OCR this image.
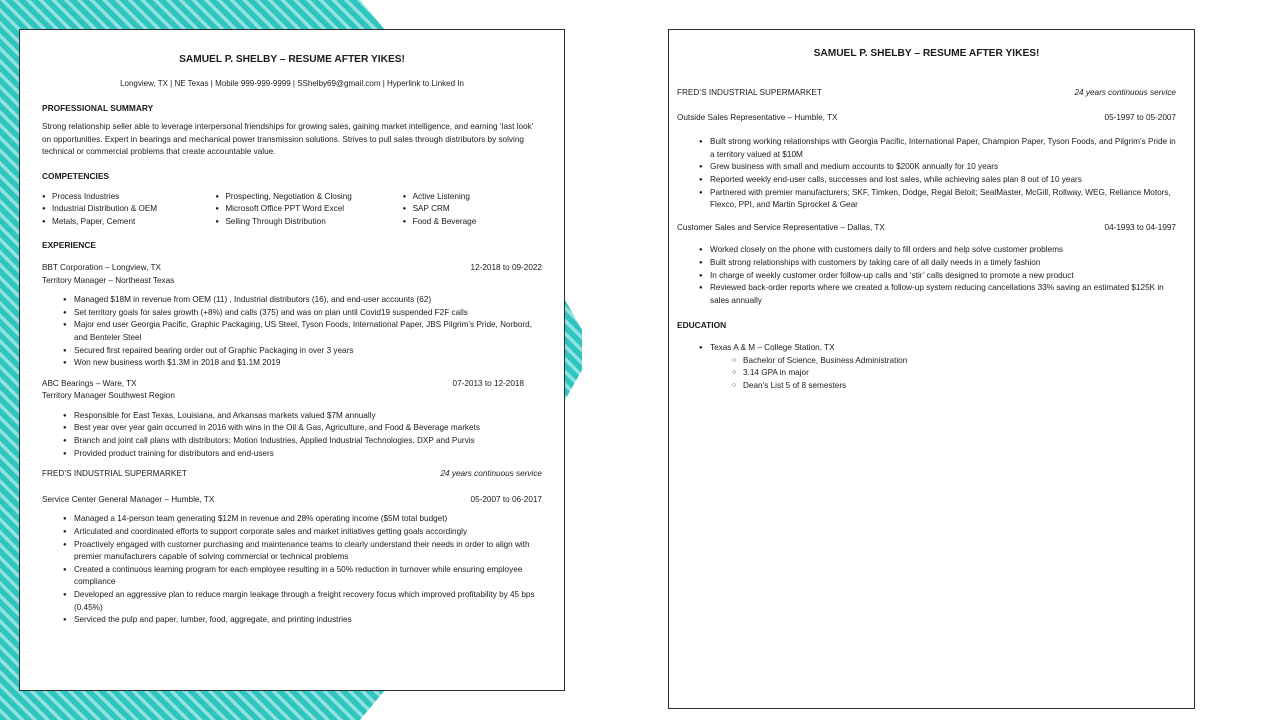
SAMUEL P. SHELBY – RESUME AFTER YIKES!
Longview, TX | NE Texas | Mobile 999-999-9999 | SShelby69@gmail.com | Hyperlink to Linked In
PROFESSIONAL SUMMARY
Strong relationship seller able to leverage interpersonal friendships for growing sales, gaining market intelligence, and earning ‘last look’ on opportunities. Expert in bearings and mechanical power transmission solutions. Strives to pull sales through distributors by solving technical or commercial problems that create accountable value.
COMPETENCIES
● Process Industries
● Industrial Distribution & OEM
● Metals, Paper, Cement
● Prospecting, Negotiation & Closing
● Microsoft Office PPT Word Excel
● Selling Through Distribution
● Active Listening
● SAP CRM
● Food & Beverage
EXPERIENCE
BBT Corporation – Longview, TX	12-2018 to 09-2022
Territory Manager – Northeast Texas
● Managed $18M in revenue from OEM (11) , Industrial distributors (16), and end-user accounts (62)
● Set territory goals for sales growth (+8%) and calls (375) and was on plan until Covid19 suspended F2F calls
● Major end user Georgia Pacific, Graphic Packaging, US Steel, Tyson Foods, International Paper, JBS Pilgrim’s Pride, Norbord, and Benteler Steel
● Secured first repaired bearing order out of Graphic Packaging in over 3 years
● Won new business worth $1.3M in 2018 and $1.1M 2019
ABC Bearings – Ware, TX	07-2013 to 12-2018
Territory Manager Southwest Region
● Responsible for East Texas, Louisiana, and Arkansas markets valued $7M annually
● Best year over year gain occurred in 2016 with wins in the Oil & Gas, Agriculture, and Food & Beverage markets
● Branch and joint call plans with distributors; Motion Industries, Applied Industrial Technologies, DXP and Purvis
● Provided product training for distributors and end-users
FRED’S INDUSTRIAL SUPERMARKET	24 years continuous service
Service Center General Manager – Humble, TX	05-2007 to 06-2017
● Managed a 14-person team generating $12M in revenue and 28% operating income ($5M total budget)
● Articulated and coordinated efforts to support corporate sales and market initiatives getting goals accordingly
● Proactively engaged with customer purchasing and maintenance teams to clearly understand their needs in order to align with premier manufacturers capable of solving commercial or technical problems
● Created a continuous learning program for each employee resulting in a 50% reduction in turnover while ensuring employee compliance
● Developed an aggressive plan to reduce margin leakage through a freight recovery focus which improved profitability by 45 bps (0.45%)
● Serviced the pulp and paper, lumber, food, aggregate, and printing industries
SAMUEL P. SHELBY – RESUME AFTER YIKES!
FRED’S INDUSTRIAL SUPERMARKET	24 years continuous service
Outside Sales Representative – Humble, TX	05-1997 to 05-2007
● Built strong working relationships with Georgia Pacific, International Paper, Champion Paper, Tyson Foods, and Pilgrim’s Pride in a territory valued at $10M
● Grew business with small and medium accounts to $200K annually for 10 years
● Reported weekly end-user calls, successes and lost sales, while achieving sales plan 8 out of 10 years
● Partnered with premier manufacturers; SKF, Timken, Dodge, Regal Beloit; SealMaster, McGill, Rollway, WEG, Reliance Motors, Flexco, PPI, and Martin Sprocket & Gear
Customer Sales and Service Representative – Dallas, TX	04-1993 to 04-1997
● Worked closely on the phone with customers daily to fill orders and help solve customer problems
● Built strong relationships with customers by taking care of all daily needs in a timely fashion
● In charge of weekly customer order follow-up calls and ‘stir’ calls designed to promote a new product
● Reviewed back-order reports where we created a follow-up system reducing cancellations 33% saving an estimated $125K in sales annually
EDUCATION
● Texas A & M – College Station, TX
○ Bachelor of Science, Business Administration
○ 3.14 GPA in major
○ Dean’s List 5 of 8 semesters
